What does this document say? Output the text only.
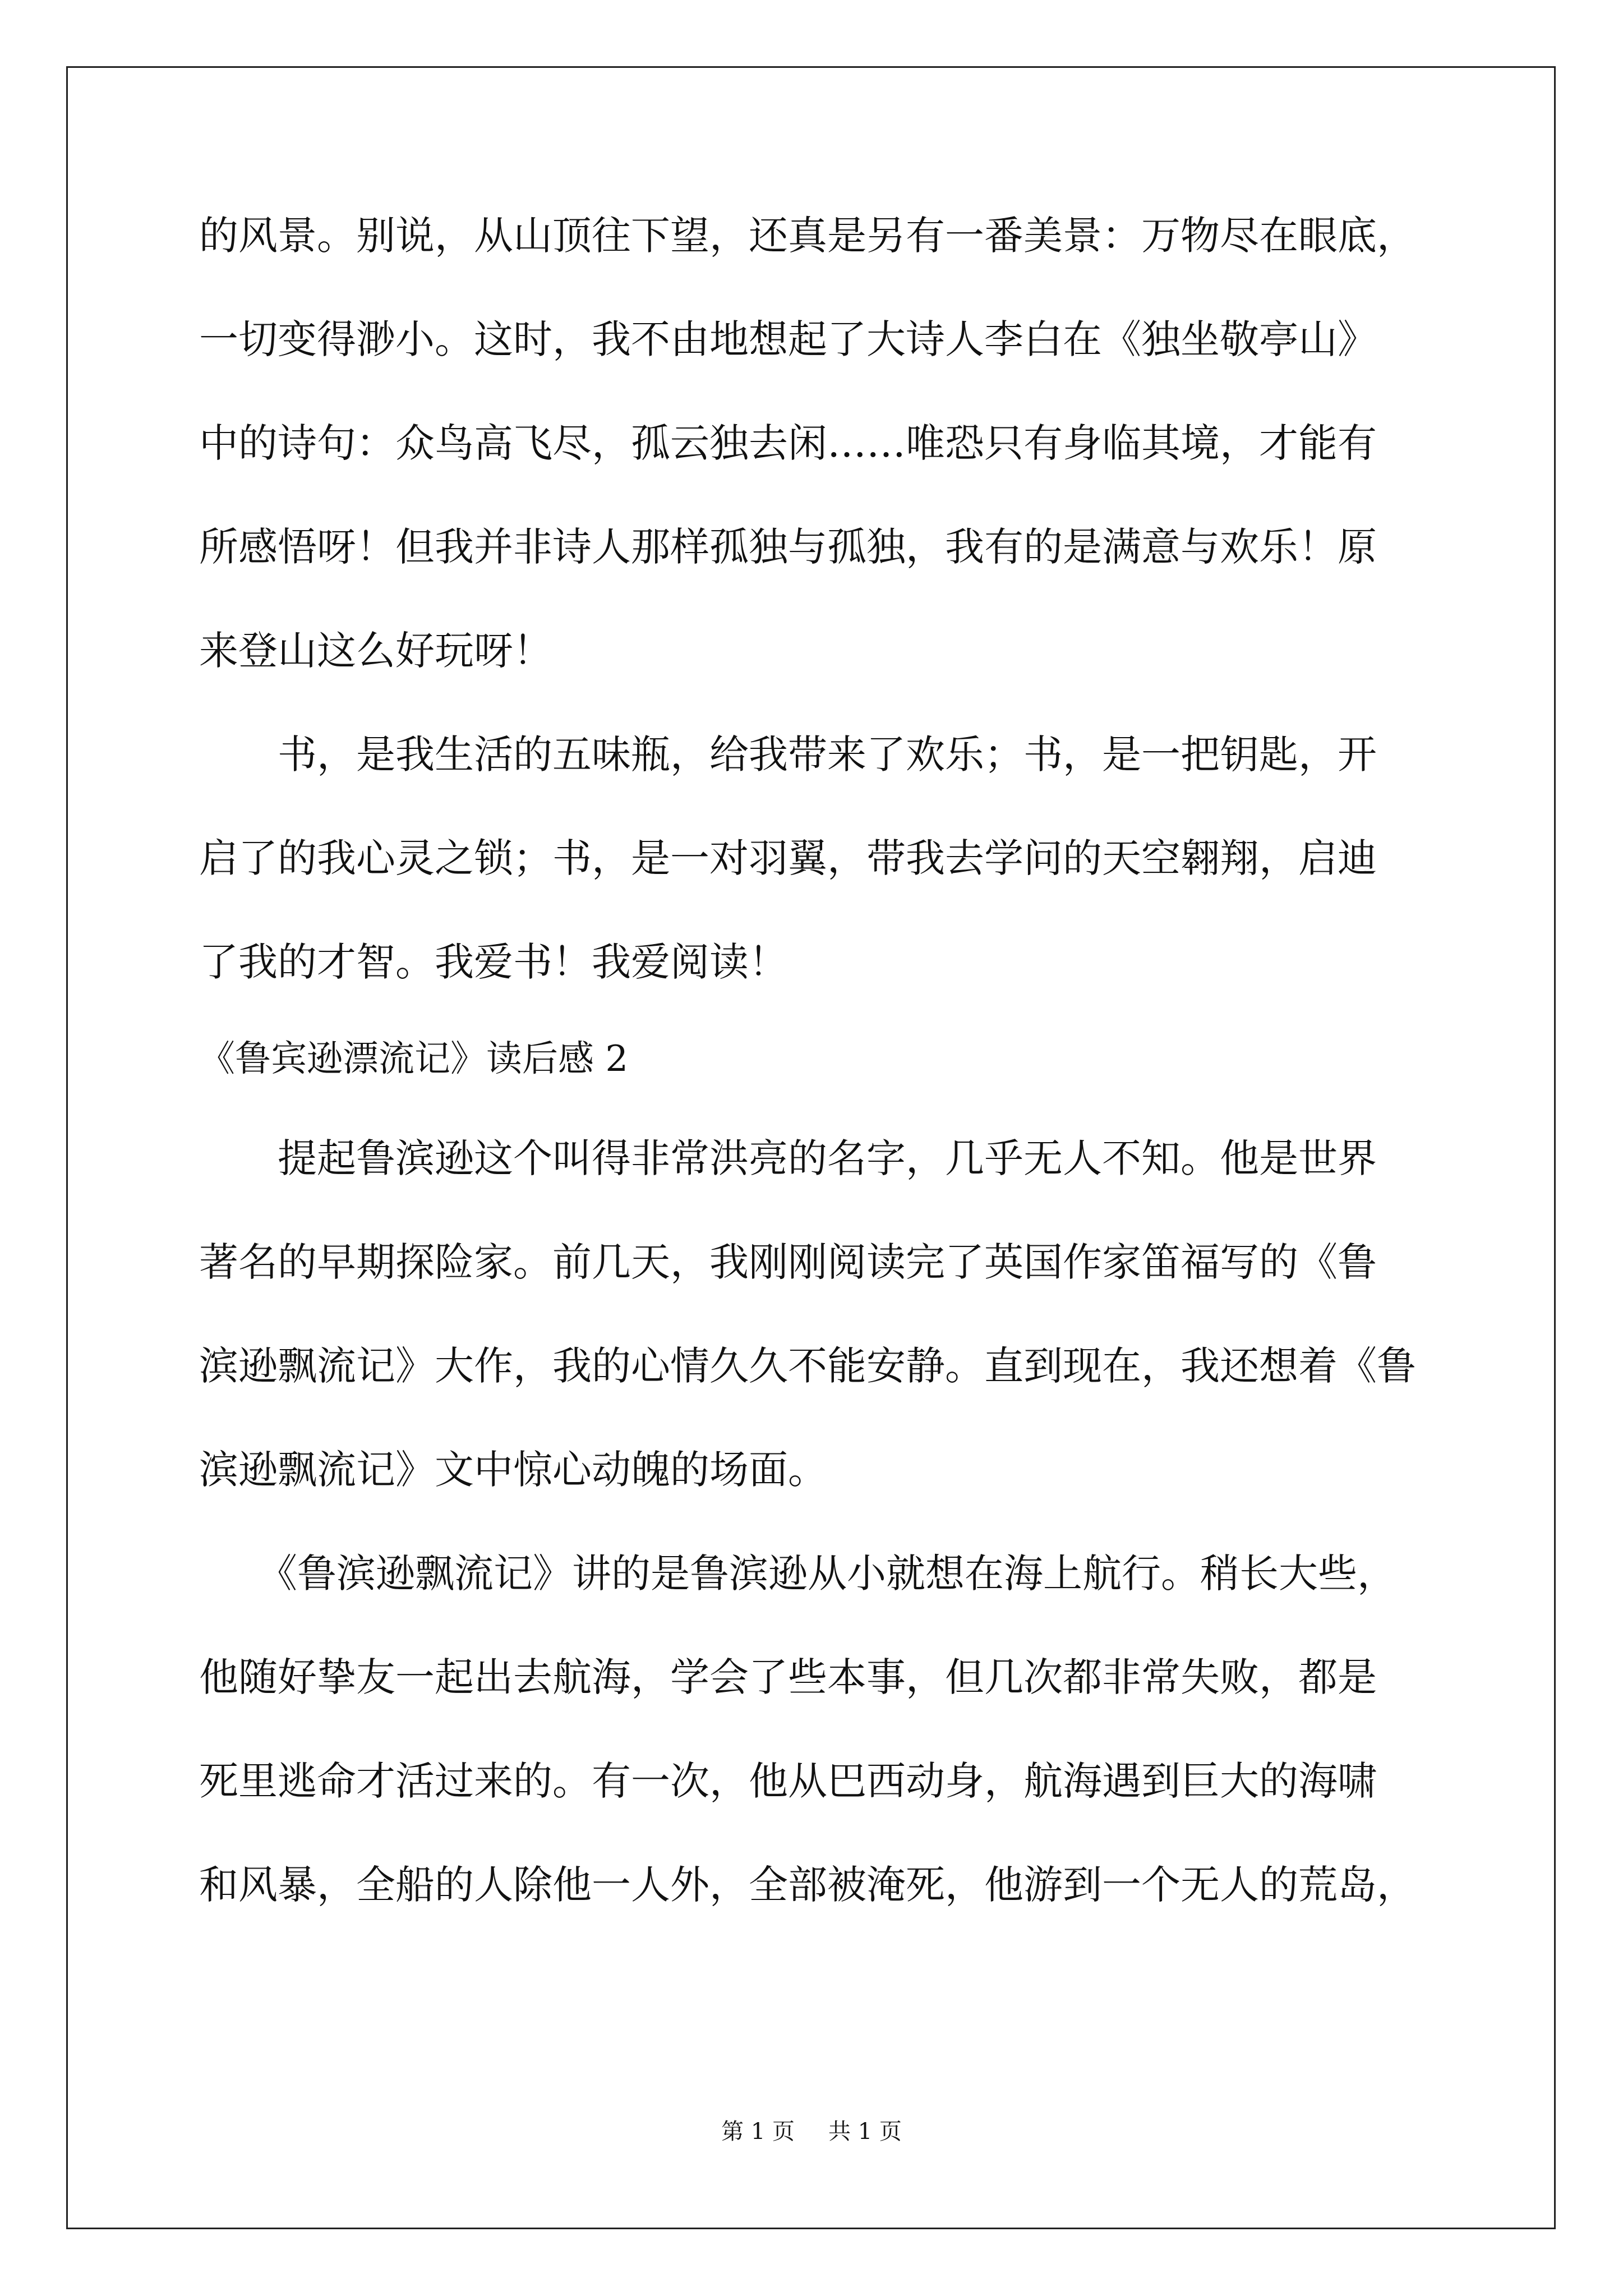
的风景。别说，从山顶往下望，还真是另有一番美景：万物尽在眼底，
一切变得渺小。这时，我不由地想起了大诗人李白在《独坐敬亭山》
中的诗句：众鸟高飞尽，孤云独去闲……唯恐只有身临其境，才能有
所感悟呀！但我并非诗人那样孤独与孤独，我有的是满意与欢乐！原
来登山这么好玩呀！
　　书，是我生活的五味瓶，给我带来了欢乐；书，是一把钥匙，开
启了的我心灵之锁；书，是一对羽翼，带我去学问的天空翱翔，启迪
了我的才智。我爱书！我爱阅读！
《鲁宾逊漂流记》读后感 2
　　提起鲁滨逊这个叫得非常洪亮的名字，几乎无人不知。他是世界
著名的早期探险家。前几天，我刚刚阅读完了英国作家笛福写的《鲁
滨逊飘流记》大作，我的心情久久不能安静。直到现在，我还想着《鲁
滨逊飘流记》文中惊心动魄的场面。
　　《鲁滨逊飘流记》讲的是鲁滨逊从小就想在海上航行。稍长大些，
他随好挚友一起出去航海，学会了些本事，但几次都非常失败，都是
死里逃命才活过来的。有一次，他从巴西动身，航海遇到巨大的海啸
和风暴，全船的人除他一人外，全部被淹死，他游到一个无人的荒岛，
第 1 页 共 1 页
